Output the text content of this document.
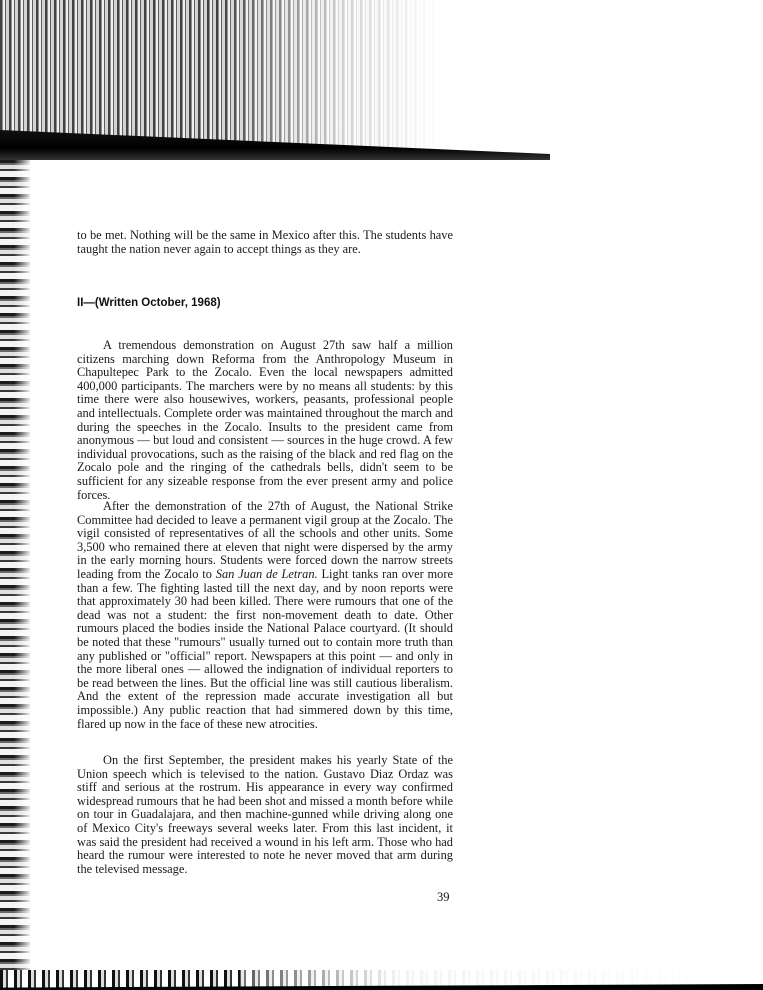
to be met. Nothing will be the same in Mexico after this. The students have taught the nation never again to accept things as they are.

II—(Written October, 1968)

A tremendous demonstration on August 27th saw half a million citizens marching down Reforma from the Anthropology Museum in Chapultepec Park to the Zocalo. Even the local newspapers admitted 400,000 participants. The marchers were by no means all students: by this time there were also housewives, workers, peasants, professional people and intellectuals. Complete order was maintained throughout the march and during the speeches in the Zocalo. Insults to the president came from anonymous — but loud and consistent — sources in the huge crowd. A few individual provocations, such as the raising of the black and red flag on the Zocalo pole and the ringing of the cathedrals bells, didn't seem to be sufficient for any sizeable response from the ever present army and police forces.

After the demonstration of the 27th of August, the National Strike Committee had decided to leave a permanent vigil group at the Zocalo. The vigil consisted of representatives of all the schools and other units. Some 3,500 who remained there at eleven that night were dispersed by the army in the early morning hours. Students were forced down the narrow streets leading from the Zocalo to San Juan de Letran. Light tanks ran over more than a few. The fighting lasted till the next day, and by noon reports were that approximately 30 had been killed. There were rumours that one of the dead was not a student: the first non-movement death to date. Other rumours placed the bodies inside the National Palace courtyard. (It should be noted that these "rumours" usually turned out to contain more truth than any published or "official" report. Newspapers at this point — and only in the more liberal ones — allowed the indignation of individual reporters to be read between the lines. But the official line was still cautious liberalism. And the extent of the repression made accurate investigation all but impossible.) Any public reaction that had simmered down by this time, flared up now in the face of these new atrocities.

On the first September, the president makes his yearly State of the Union speech which is televised to the nation. Gustavo Diaz Ordaz was stiff and serious at the rostrum. His appearance in every way confirmed widespread rumours that he had been shot and missed a month before while on tour in Guadalajara, and then machine-gunned while driving along one of Mexico City's freeways several weeks later. From this last incident, it was said the president had received a wound in his left arm. Those who had heard the rumour were interested to note he never moved that arm during the televised message.

39
